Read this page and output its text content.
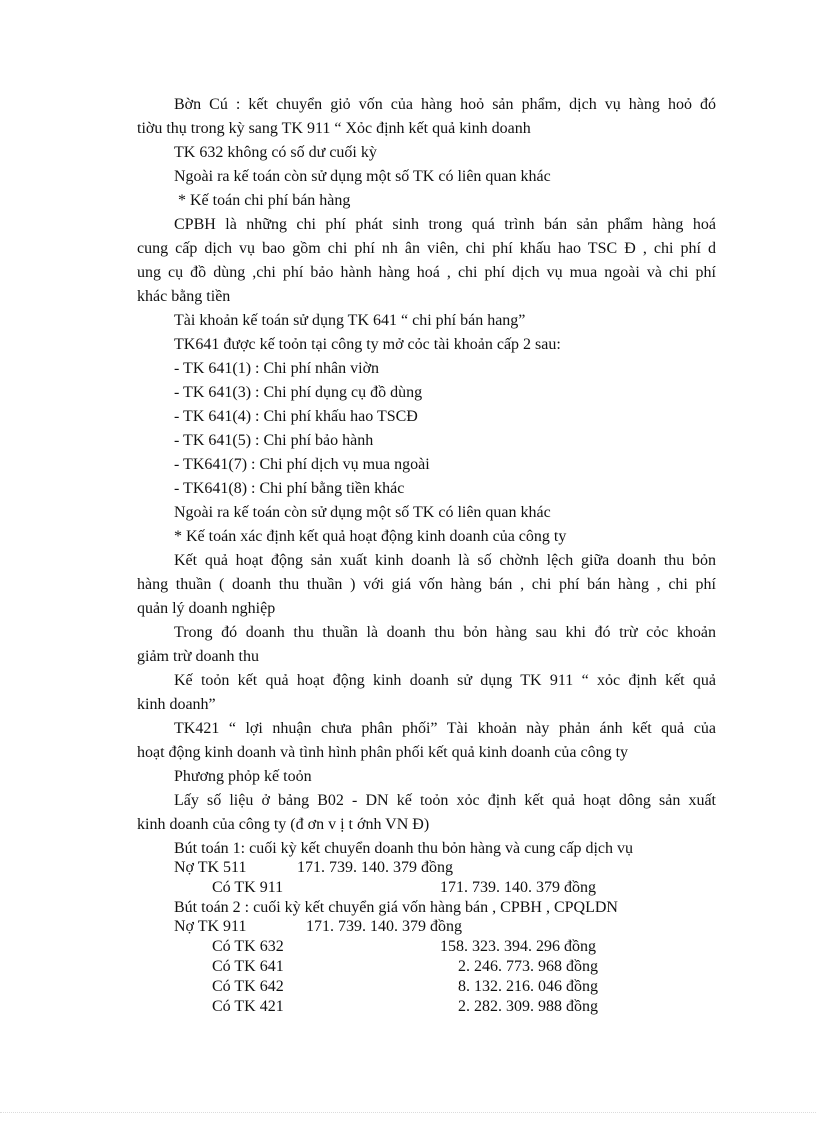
Bờn Cú : kết chuyển giỏ vốn của hàng hoỏ sản phẩm, dịch vụ hàng hoỏ đó
tiờu thụ trong kỳ sang TK 911 “ Xỏc định kết quả kinh doanh
TK 632 không có số dư cuối kỳ
Ngoài ra kế toán còn sử dụng một số TK có liên quan khác
* Kế toán chi phí bán hàng
CPBH là những chi phí phát sinh trong quá trình bán sản phẩm hàng hoá
cung cấp dịch vụ bao gồm chi phí nh ân viên, chi phí khấu hao TSC Đ , chi phí d
ung cụ đồ dùng ,chi phí bảo hành hàng hoá , chi phí dịch vụ mua ngoài và chi phí
khác bằng tiền
Tài khoản kế toán sử dụng TK 641 “ chi phí bán hang”
TK641 được kế toỏn tại công ty mở cỏc tài khoản cấp 2 sau:
- TK 641(1) : Chi phí nhân viờn
- TK 641(3) : Chi phí dụng cụ đồ dùng
- TK 641(4) : Chi phí khấu hao TSCĐ
- TK 641(5) : Chi phí bảo hành
- TK641(7) : Chi phí dịch vụ mua ngoài
- TK641(8) : Chi phí bằng tiền khác
Ngoài ra kế toán còn sử dụng một số TK có liên quan khác
* Kế toán xác định kết quả hoạt động kinh doanh của công ty
Kết quả hoạt động sản xuất kinh doanh là số chờnh lệch giữa doanh thu bỏn
hàng thuần ( doanh thu thuần ) với giá vốn hàng bán , chi phí bán hàng , chi phí
quản lý doanh nghiệp
Trong đó doanh thu thuần là doanh thu bỏn hàng sau khi đó trừ cỏc khoản
giảm trừ doanh thu
Kế toỏn kết quả hoạt động kinh doanh sử dụng TK 911 “ xỏc định kết quả
kinh doanh”
TK421 “ lợi nhuận chưa phân phối” Tài khoản này phản ánh kết quả của
hoạt động kinh doanh và tình hình phân phối kết quả kinh doanh của công ty
Phương phỏp kế toỏn
Lấy số liệu ở bảng B02 - DN kế toỏn xỏc định kết quả hoạt dông sản xuất
kinh doanh của công ty (đ ơn v ị t ớnh VN Đ)
Bút toán 1: cuối kỳ kết chuyển doanh thu bỏn hàng và cung cấp dịch vụ
Nợ TK 511	171. 739. 140. 379 đồng
Có TK 911	171. 739. 140. 379 đồng
Bút toán 2 : cuối kỳ kết chuyển giá vốn hàng bán , CPBH , CPQLDN
Nợ TK 911	171. 739. 140. 379 đồng
Có TK 632	158. 323. 394. 296 đồng
Có TK 641	2. 246. 773. 968 đồng
Có TK 642	8. 132. 216. 046 đồng
Có TK 421	2. 282. 309. 988 đồng
